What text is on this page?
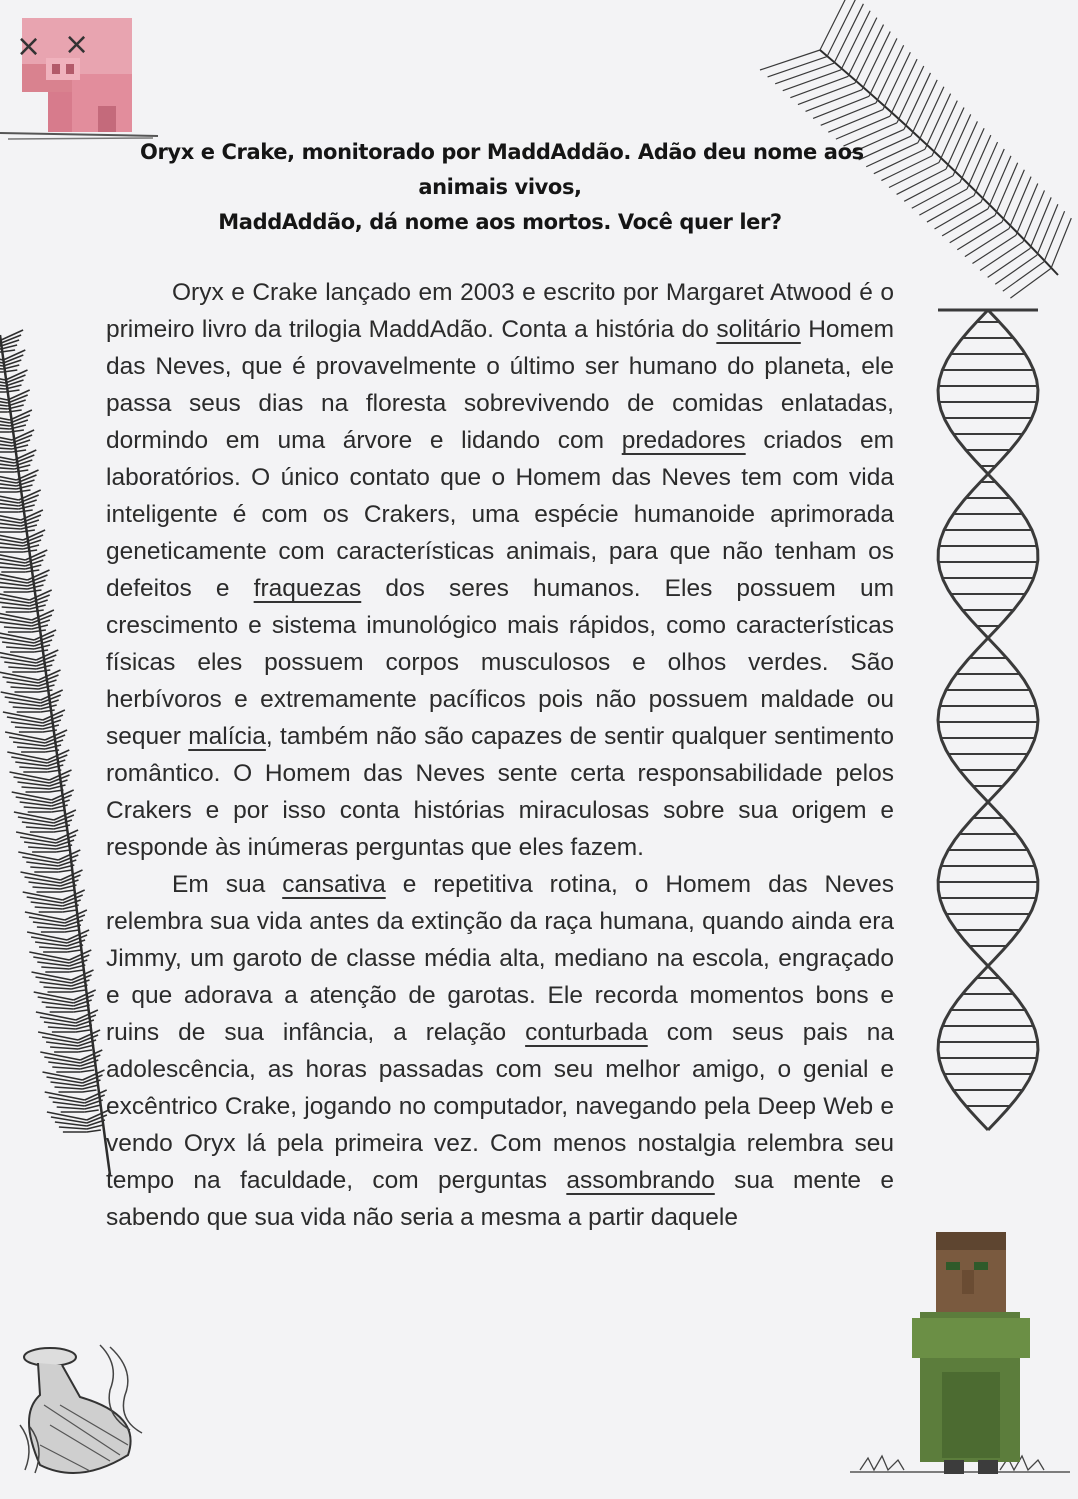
× ×
Oryx e Crake, monitorado por MaddAddão. Adão deu nome aos
animais vivos,
MaddAddão, dá nome aos mortos. Você quer ler?

Oryx e Crake lançado em 2003 e escrito por Margaret Atwood é o primeiro livro da trilogia MaddAdão. Conta a história do solitário Homem das Neves, que é provavelmente o último ser humano do planeta, ele passa seus dias na floresta sobrevivendo de comidas enlatadas, dormindo em uma árvore e lidando com predadores criados em laboratórios. O único contato que o Homem das Neves tem com vida inteligente é com os Crakers, uma espécie humanoide aprimorada geneticamente com características animais, para que não tenham os defeitos e fraquezas dos seres humanos. Eles possuem um crescimento e sistema imunológico mais rápidos, como características físicas eles possuem corpos musculosos e olhos verdes. São herbívoros e extremamente pacíficos pois não possuem maldade ou sequer malícia, também não são capazes de sentir qualquer sentimento romântico. O Homem das Neves sente certa responsabilidade pelos Crakers e por isso conta histórias miraculosas sobre sua origem e responde às inúmeras perguntas que eles fazem.

Em sua cansativa e repetitiva rotina, o Homem das Neves relembra sua vida antes da extinção da raça humana, quando ainda era Jimmy, um garoto de classe média alta, mediano na escola, engraçado e que adorava a atenção de garotas. Ele recorda momentos bons e ruins de sua infância, a relação conturbada com seus pais na adolescência, as horas passadas com seu melhor amigo, o genial e excêntrico Crake, jogando no computador, navegando pela Deep Web e vendo Oryx lá pela primeira vez. Com menos nostalgia relembra seu tempo na faculdade, com perguntas assombrando sua mente e sabendo que sua vida não seria a mesma a partir daquele
